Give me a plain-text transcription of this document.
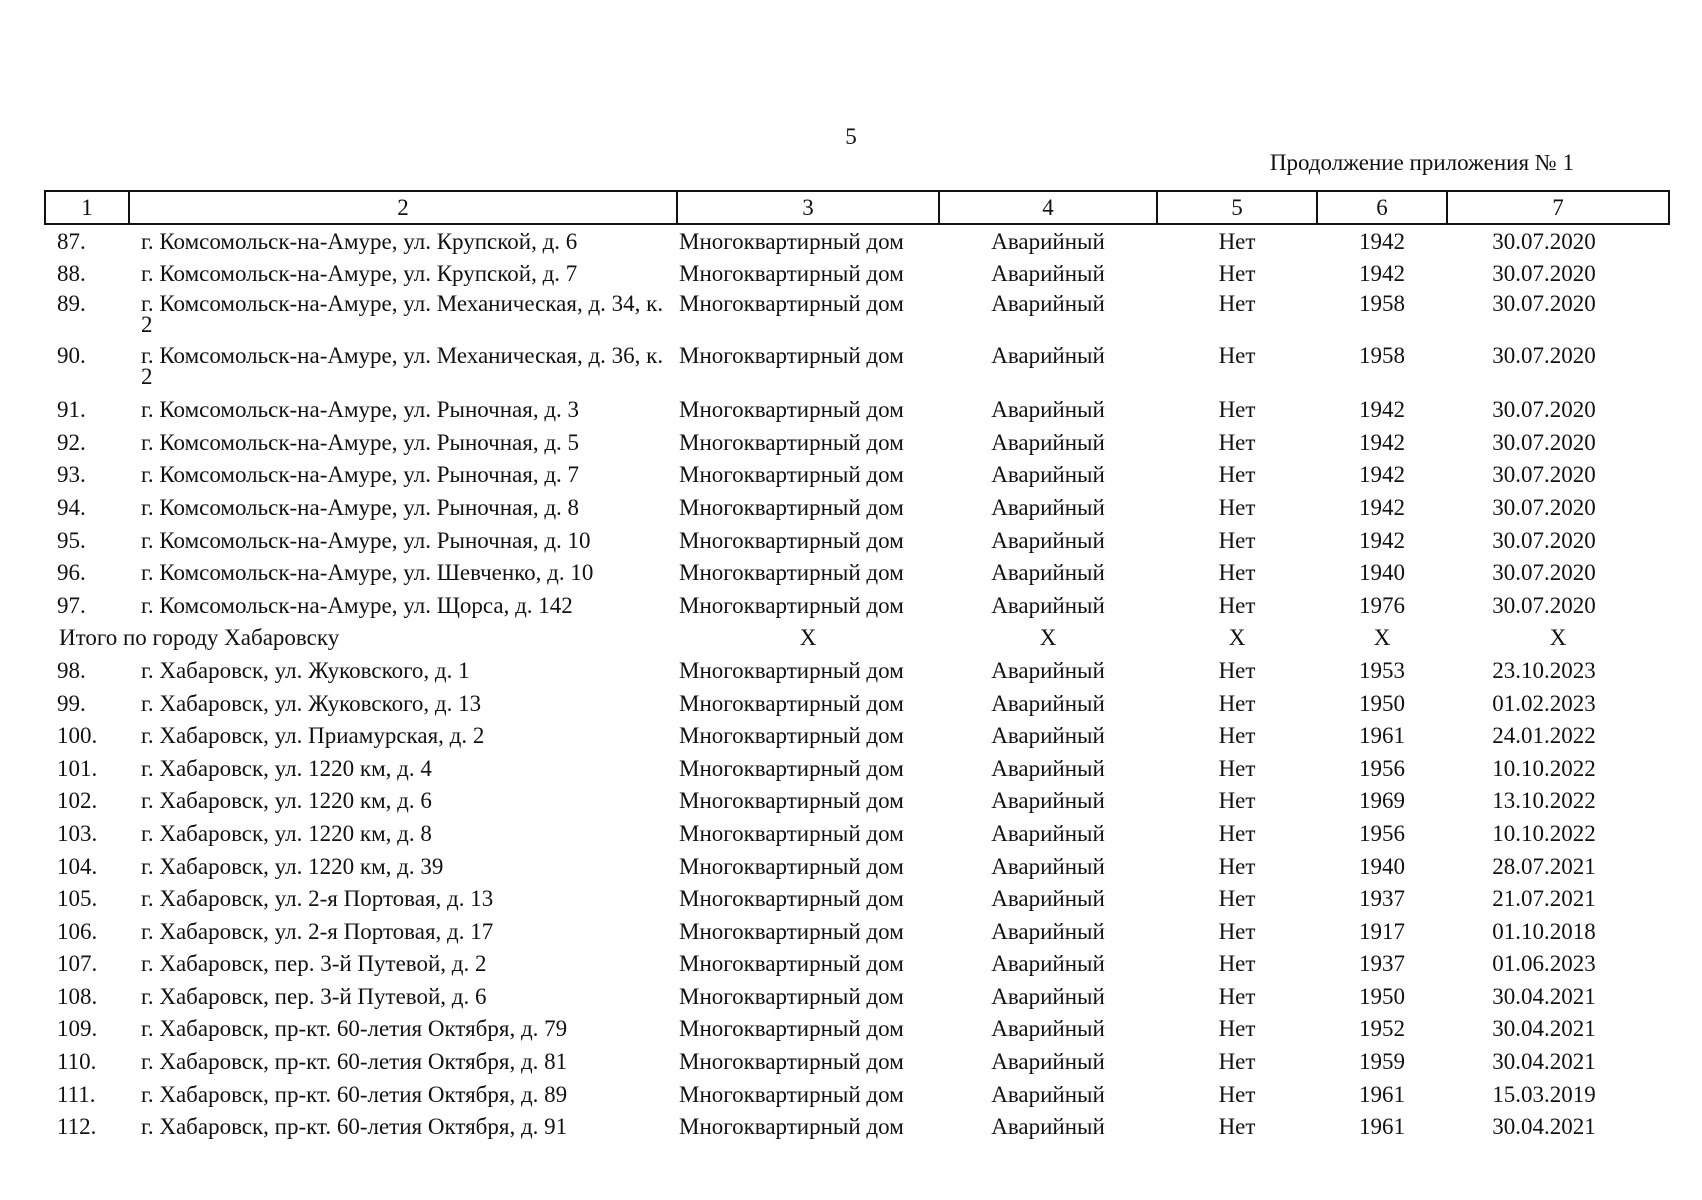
5
Продолжение приложения № 1
1	2	3	4	5	6	7
87.	г. Комсомольск-на-Амуре, ул. Крупской, д. 6	Многоквартирный дом	Аварийный	Нет	1942	30.07.2020
88.	г. Комсомольск-на-Амуре, ул. Крупской, д. 7	Многоквартирный дом	Аварийный	Нет	1942	30.07.2020
89.	г. Комсомольск-на-Амуре, ул. Механическая, д. 34, к. 2	Многоквартирный дом	Аварийный	Нет	1958	30.07.2020
90.	г. Комсомольск-на-Амуре, ул. Механическая, д. 36, к. 2	Многоквартирный дом	Аварийный	Нет	1958	30.07.2020
91.	г. Комсомольск-на-Амуре, ул. Рыночная, д. 3	Многоквартирный дом	Аварийный	Нет	1942	30.07.2020
92.	г. Комсомольск-на-Амуре, ул. Рыночная, д. 5	Многоквартирный дом	Аварийный	Нет	1942	30.07.2020
93.	г. Комсомольск-на-Амуре, ул. Рыночная, д. 7	Многоквартирный дом	Аварийный	Нет	1942	30.07.2020
94.	г. Комсомольск-на-Амуре, ул. Рыночная, д. 8	Многоквартирный дом	Аварийный	Нет	1942	30.07.2020
95.	г. Комсомольск-на-Амуре, ул. Рыночная, д. 10	Многоквартирный дом	Аварийный	Нет	1942	30.07.2020
96.	г. Комсомольск-на-Амуре, ул. Шевченко, д. 10	Многоквартирный дом	Аварийный	Нет	1940	30.07.2020
97.	г. Комсомольск-на-Амуре, ул. Щорса, д. 142	Многоквартирный дом	Аварийный	Нет	1976	30.07.2020
Итого по городу Хабаровску		X	X	X	X	X
98.	г. Хабаровск, ул. Жуковского, д. 1	Многоквартирный дом	Аварийный	Нет	1953	23.10.2023
99.	г. Хабаровск, ул. Жуковского, д. 13	Многоквартирный дом	Аварийный	Нет	1950	01.02.2023
100.	г. Хабаровск, ул. Приамурская, д. 2	Многоквартирный дом	Аварийный	Нет	1961	24.01.2022
101.	г. Хабаровск, ул. 1220 км, д. 4	Многоквартирный дом	Аварийный	Нет	1956	10.10.2022
102.	г. Хабаровск, ул. 1220 км, д. 6	Многоквартирный дом	Аварийный	Нет	1969	13.10.2022
103.	г. Хабаровск, ул. 1220 км, д. 8	Многоквартирный дом	Аварийный	Нет	1956	10.10.2022
104.	г. Хабаровск, ул. 1220 км, д. 39	Многоквартирный дом	Аварийный	Нет	1940	28.07.2021
105.	г. Хабаровск, ул. 2-я Портовая, д. 13	Многоквартирный дом	Аварийный	Нет	1937	21.07.2021
106.	г. Хабаровск, ул. 2-я Портовая, д. 17	Многоквартирный дом	Аварийный	Нет	1917	01.10.2018
107.	г. Хабаровск, пер. 3-й Путевой, д. 2	Многоквартирный дом	Аварийный	Нет	1937	01.06.2023
108.	г. Хабаровск, пер. 3-й Путевой, д. 6	Многоквартирный дом	Аварийный	Нет	1950	30.04.2021
109.	г. Хабаровск, пр-кт. 60-летия Октября, д. 79	Многоквартирный дом	Аварийный	Нет	1952	30.04.2021
110.	г. Хабаровск, пр-кт. 60-летия Октября, д. 81	Многоквартирный дом	Аварийный	Нет	1959	30.04.2021
111.	г. Хабаровск, пр-кт. 60-летия Октября, д. 89	Многоквартирный дом	Аварийный	Нет	1961	15.03.2019
112.	г. Хабаровск, пр-кт. 60-летия Октября, д. 91	Многоквартирный дом	Аварийный	Нет	1961	30.04.2021
